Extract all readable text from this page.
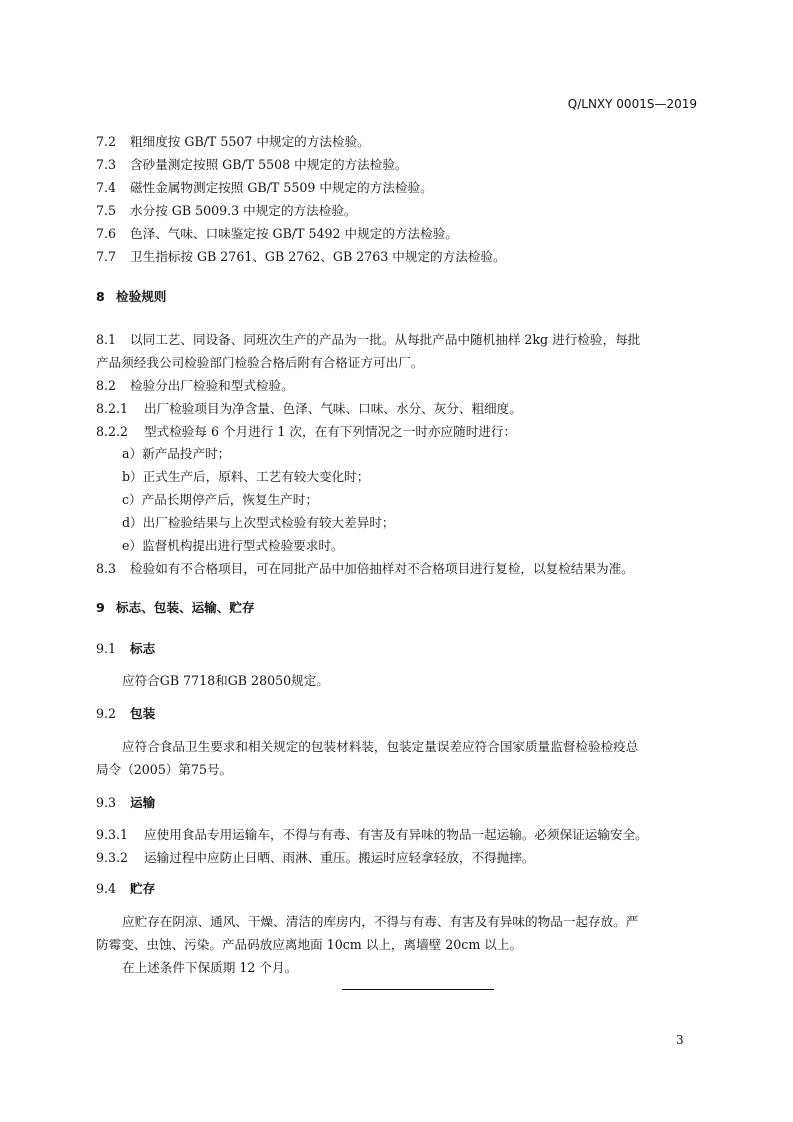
Q/LNXY 0001S—2019
7.2 粗细度按 GB/T 5507 中规定的方法检验。
7.3 含砂量测定按照 GB/T 5508 中规定的方法检验。
7.4 磁性金属物测定按照 GB/T 5509 中规定的方法检验。
7.5 水分按 GB 5009.3 中规定的方法检验。
7.6 色泽、气味、口味鉴定按 GB/T 5492 中规定的方法检验。
7.7 卫生指标按 GB 2761、GB 2762、GB 2763 中规定的方法检验。
8 检验规则
8.1 以同工艺、同设备、同班次生产的产品为一批。从每批产品中随机抽样 2kg 进行检验，每批
产品须经我公司检验部门检验合格后附有合格证方可出厂。
8.2 检验分出厂检验和型式检验。
8.2.1 出厂检验项目为净含量、色泽、气味、口味、水分、灰分、粗细度。
8.2.2 型式检验每 6 个月进行 1 次，在有下列情况之一时亦应随时进行：
a）新产品投产时；
b）正式生产后，原料、工艺有较大变化时；
c）产品长期停产后，恢复生产时；
d）出厂检验结果与上次型式检验有较大差异时；
e）监督机构提出进行型式检验要求时。
8.3 检验如有不合格项目，可在同批产品中加倍抽样对不合格项目进行复检，以复检结果为准。
9 标志、包装、运输、贮存
9.1 标志
应符合GB 7718和GB 28050规定。
9.2 包装
应符合食品卫生要求和相关规定的包装材料装，包装定量误差应符合国家质量监督检验检疫总
局令（2005）第75号。
9.3 运输
9.3.1 应使用食品专用运输车，不得与有毒、有害及有异味的物品一起运输。必须保证运输安全。
9.3.2 运输过程中应防止日晒、雨淋、重压。搬运时应轻拿轻放，不得抛摔。
9.4 贮存
应贮存在阴凉、通风、干燥、清洁的库房内，不得与有毒、有害及有异味的物品一起存放。严
防霉变、虫蚀、污染。产品码放应离地面 10cm 以上，离墙壁 20cm 以上。
在上述条件下保质期 12 个月。
3
